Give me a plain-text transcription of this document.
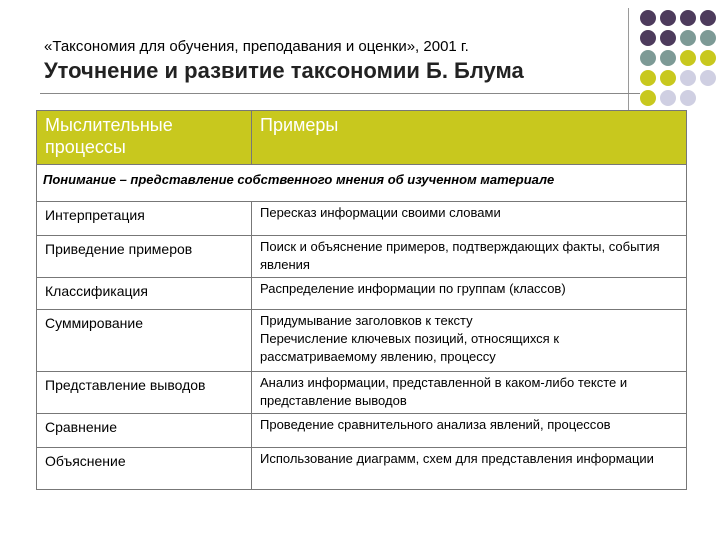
«Таксономия для обучения, преподавания и оценки», 2001 г.
Уточнение и развитие таксономии Б. Блума
Мыслительные процессы	Примеры
Понимание – представление собственного мнения об изученном материале	
Интерпретация	Пересказ информации своими словами

Приведение примеров	Поиск и объяснение примеров, подтверждающих факты, события явления

Классификация	Распределение информации по группам (классов)

Суммирование	Придумывание заголовков к тексту
Перечисление ключевых позиций, относящихся к рассматриваемому явлению, процессу

Представление выводов	Анализ информации, представленной в каком-либо тексте и представление выводов

Сравнение	Проведение сравнительного анализа явлений, процессов

Объяснение	Использование диаграмм, схем для представления информации
